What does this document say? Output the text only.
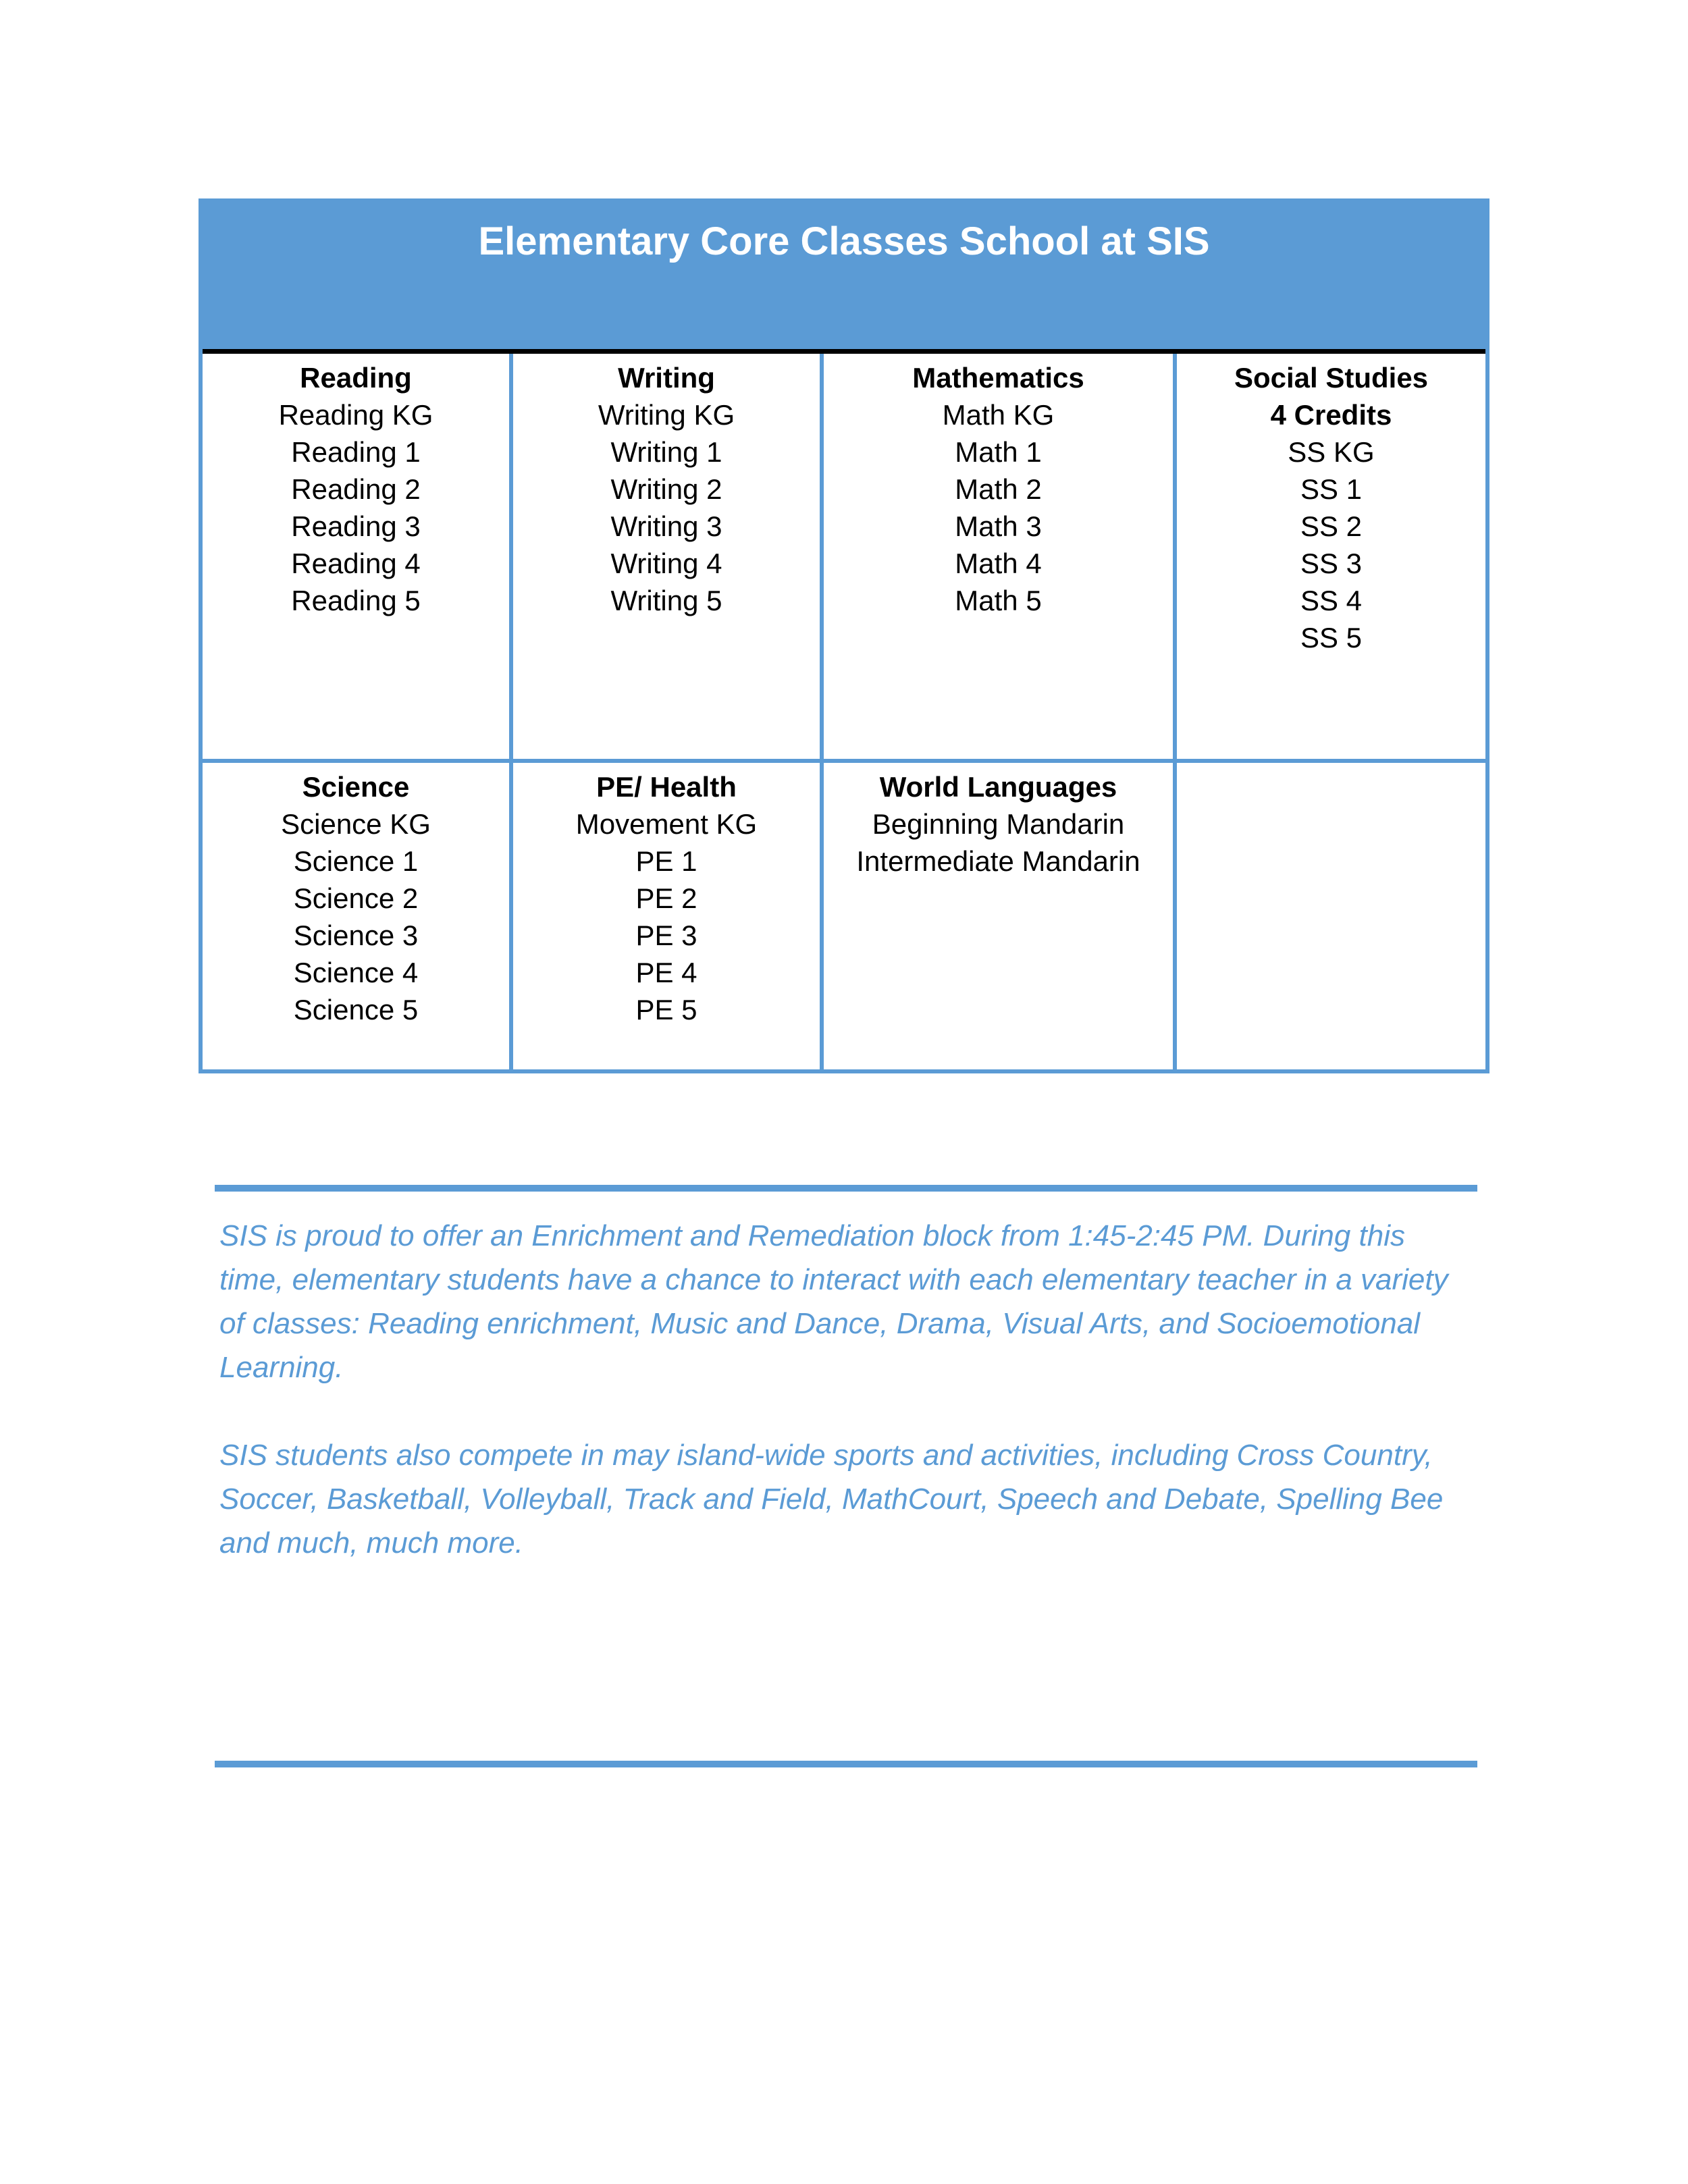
Elementary Core Classes School at SIS
Reading
Reading KG
Reading 1
Reading 2
Reading 3
Reading 4
Reading 5
Writing
Writing KG
Writing 1
Writing 2
Writing 3
Writing 4
Writing 5
Mathematics
Math KG
Math 1
Math 2
Math 3
Math 4
Math 5
Social Studies
4 Credits
SS KG
SS 1
SS 2
SS 3
SS 4
SS 5
Science
Science KG
Science 1
Science 2
Science 3
Science 4
Science 5
PE/ Health
Movement KG
PE 1
PE 2
PE 3
PE 4
PE 5
World Languages
Beginning Mandarin
Intermediate Mandarin

SIS is proud to offer an Enrichment and Remediation block from 1:45-2:45 PM. During this time, elementary students have a chance to interact with each elementary teacher in a variety of classes: Reading enrichment, Music and Dance, Drama, Visual Arts, and Socioemotional Learning.

SIS students also compete in may island-wide sports and activities, including Cross Country, Soccer, Basketball, Volleyball, Track and Field, MathCourt, Speech and Debate, Spelling Bee and much, much more.
